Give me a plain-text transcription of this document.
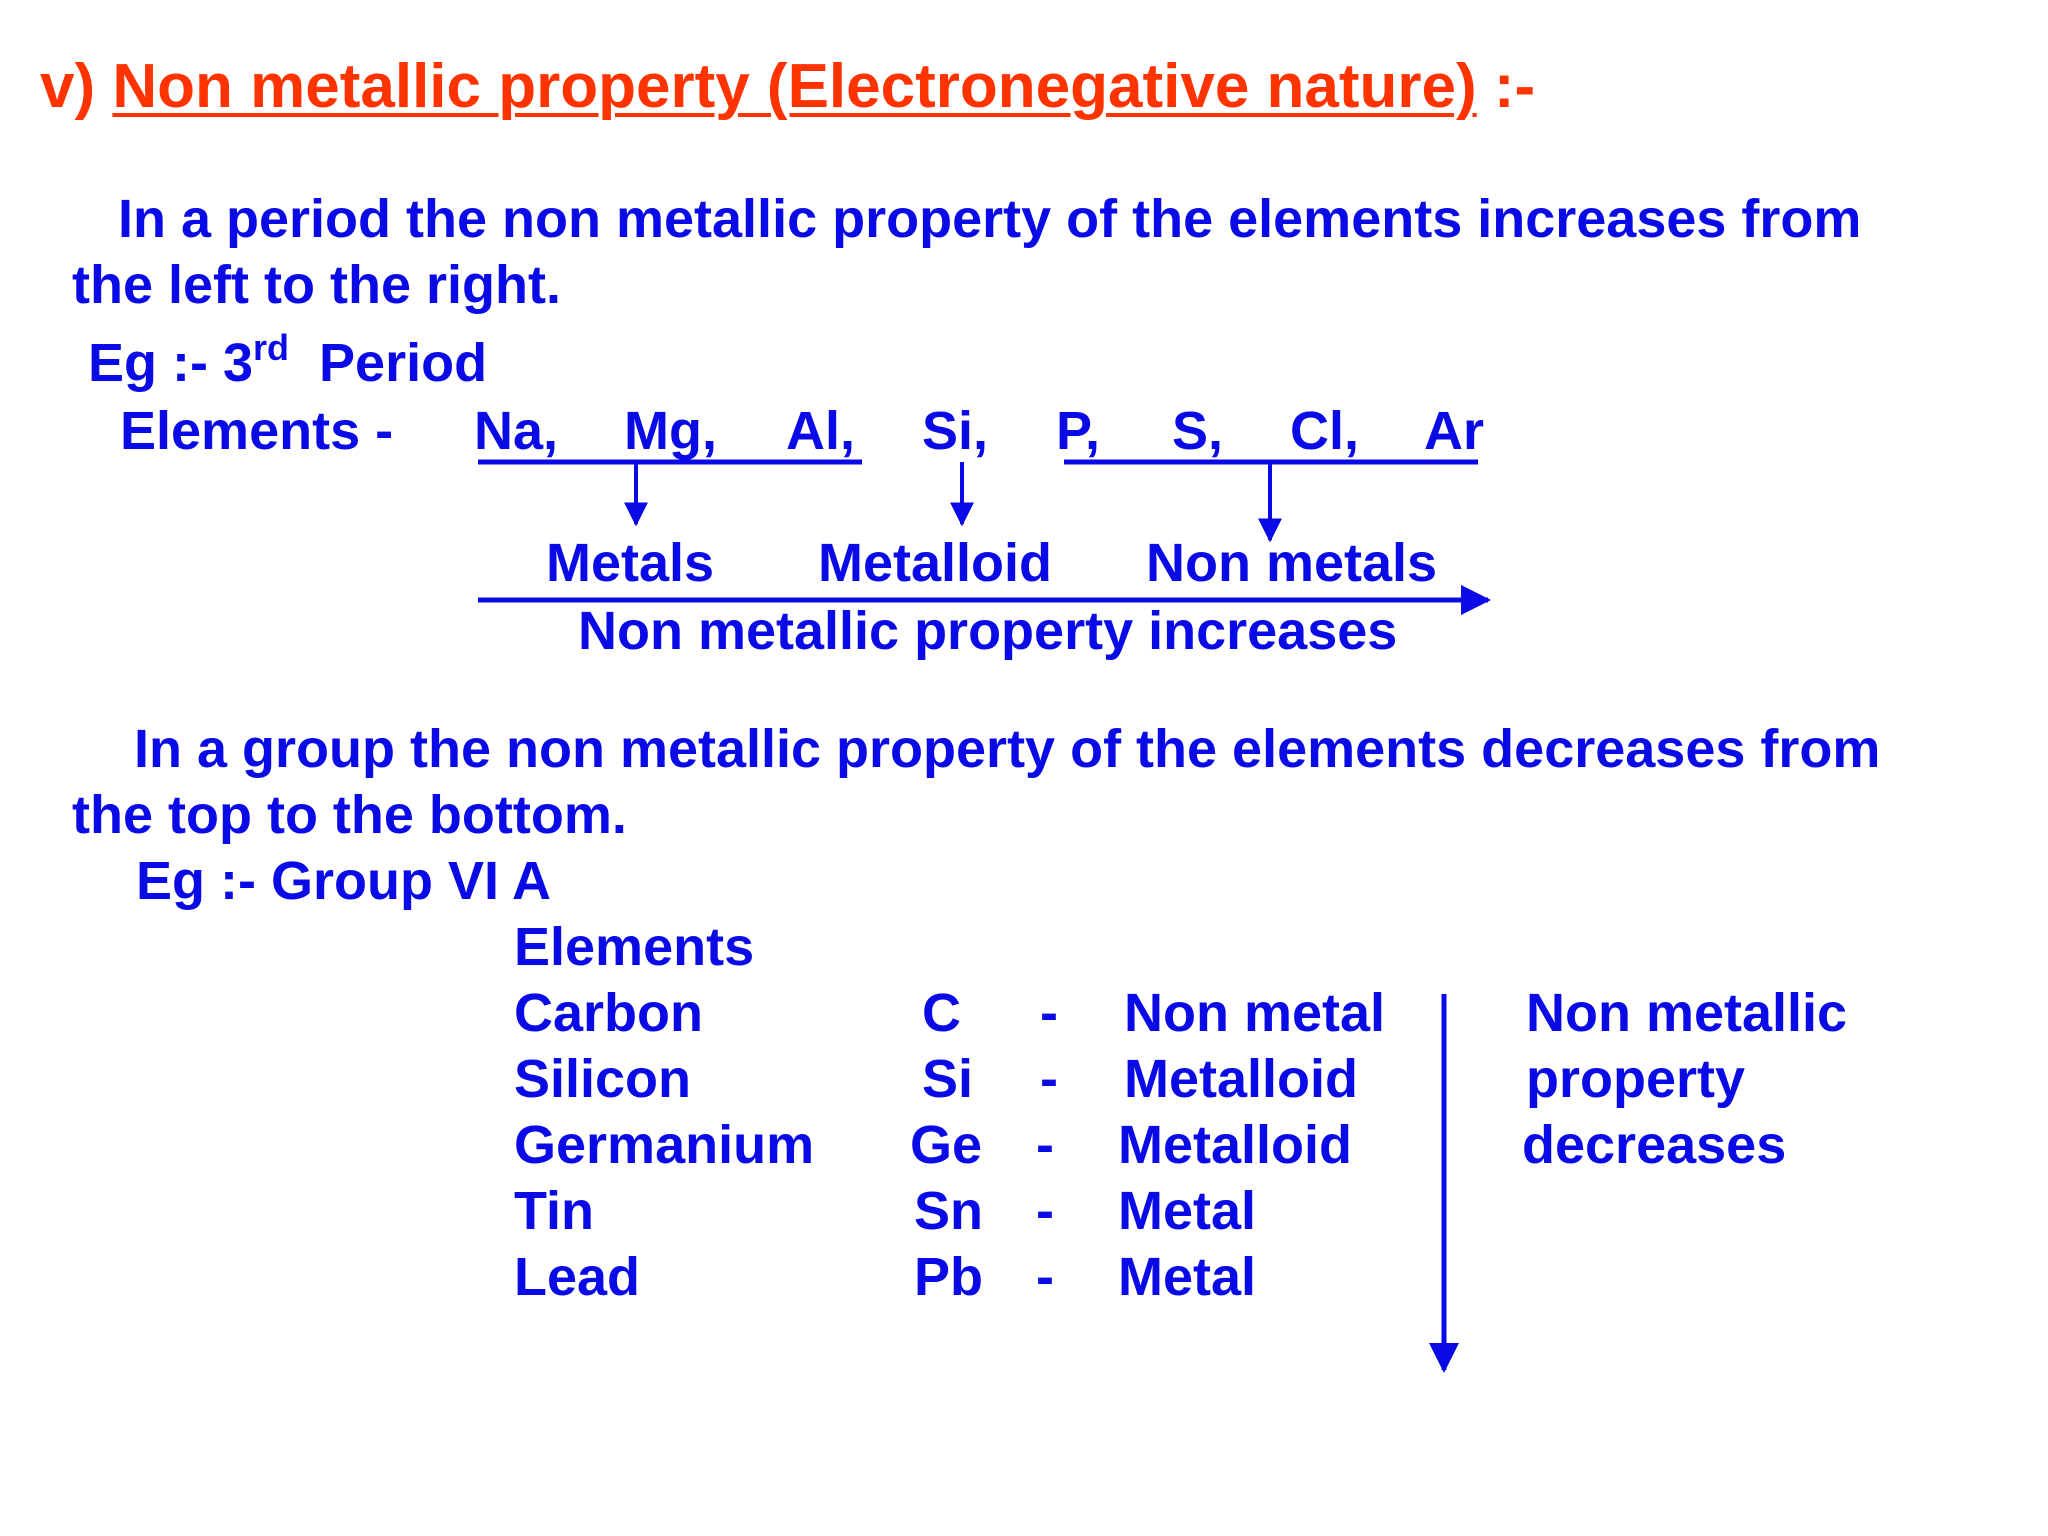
v) Non metallic property (Electronegative nature) :-
In a period the non metallic property of the elements increases from
the left to the right.
Eg :- 3rd Period
Elements - Na, Mg, Al, Si, P, S, Cl, Ar
Metals Metalloid Non metals
Non metallic property increases
In a group the non metallic property of the elements decreases from
the top to the bottom.
Eg :- Group VI A
Elements
Carbon	C - Non metal
Silicon	Si - Metalloid
Germanium Ge - Metalloid
Tin	Sn - Metal
Lead	Pb - Metal
Non metallic
property
decreases
